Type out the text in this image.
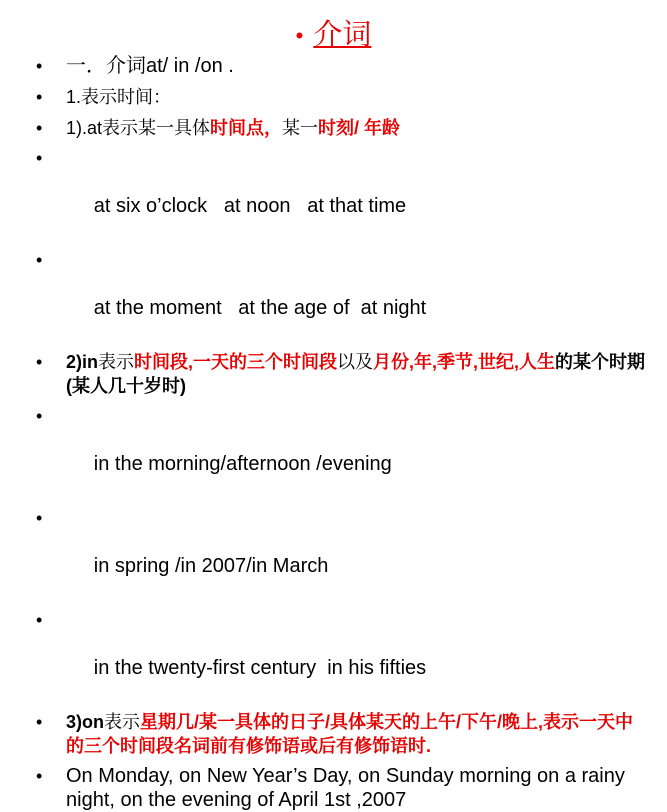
• 介词
• 一．介词at/ in /on .
• 1.表示时间：
• 1).at表示某一具体时间点，某一时刻/ 年龄

•

at six o’clock   at noon   at that time

•

at the moment   at the age of  at night

• 2)in表示时间段,一天的三个时间段以及月份,年,季节,世纪,人生的某个时期(某人几十岁时)

•

in the morning/afternoon /evening

•

in spring /in 2007/in March

•

in the twenty-first century  in his fifties

• 3)on表示星期几/某一具体的日子/具体某天的上午/下午/晚上,表示一天中的三个时间段名词前有修饰语或后有修饰语时.
• On Monday, on New Year’s Day, on Sunday morning on a rainy night, on the evening of April 1st ,2007
